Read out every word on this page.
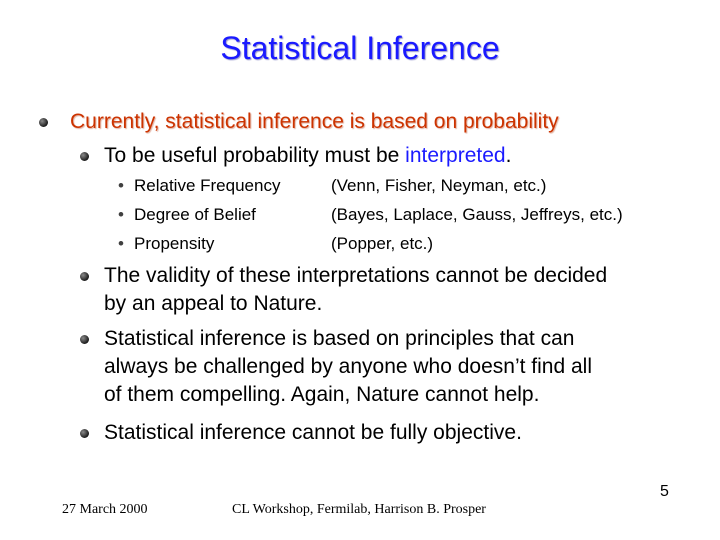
Statistical Inference
Currently, statistical inference is based on probability
To be useful probability must be interpreted.
• Relative Frequency	(Venn, Fisher, Neyman, etc.)
• Degree of Belief	(Bayes, Laplace, Gauss, Jeffreys, etc.)
• Propensity	(Popper, etc.)
The validity of these interpretations cannot be decided
by an appeal to Nature.
Statistical inference is based on principles that can
always be challenged by anyone who doesn’t find all
of them compelling. Again, Nature cannot help.
Statistical inference cannot be fully objective.
5
27 March 2000	CL Workshop, Fermilab, Harrison B. Prosper
